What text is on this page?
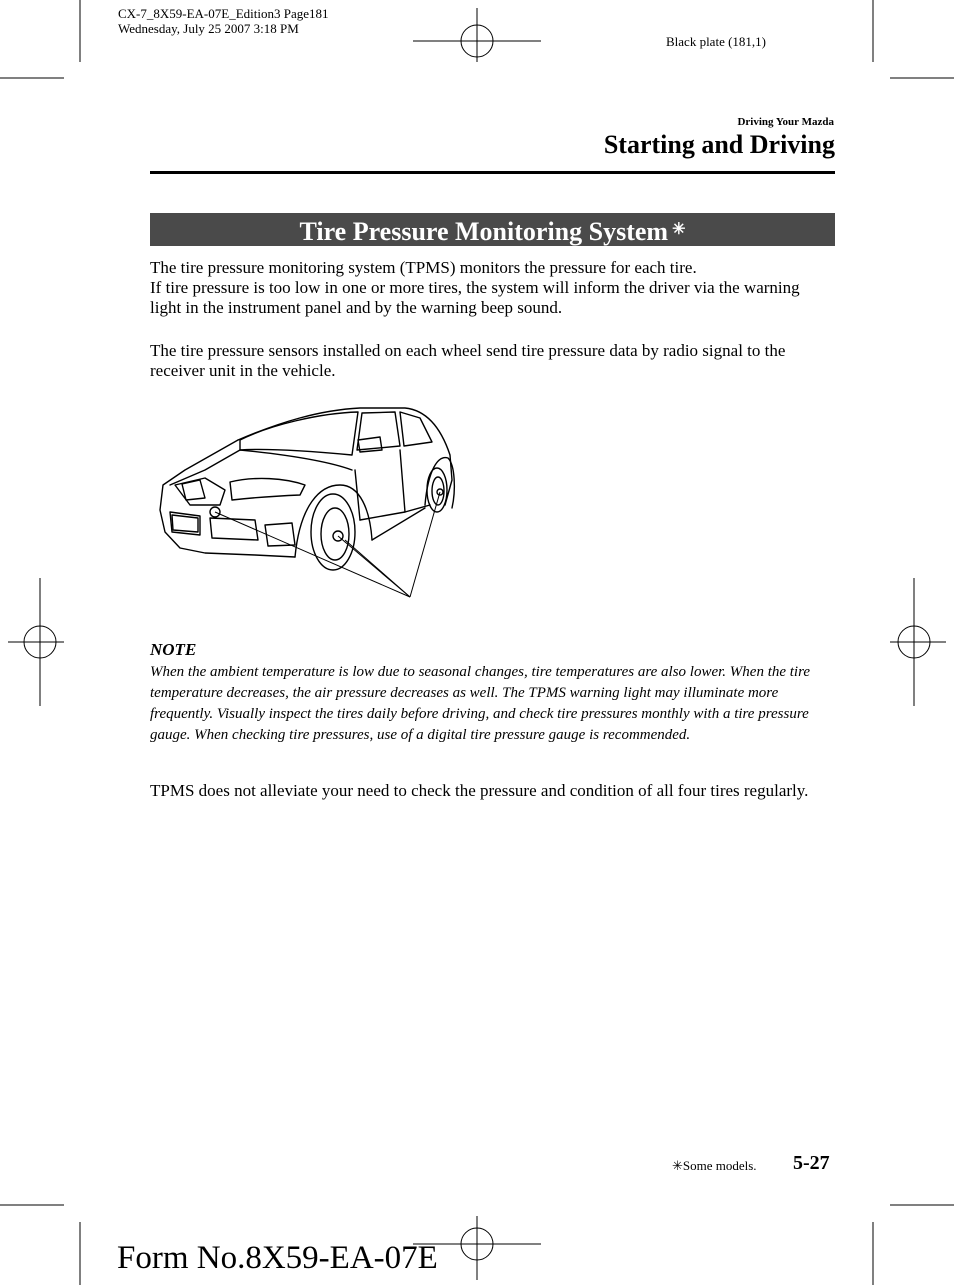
CX-7_8X59-EA-07E_Edition3 Page181
Wednesday, July 25 2007 3:18 PM
Black plate (181,1)
Driving Your Mazda
Starting and Driving
Tire Pressure Monitoring System ✳
The tire pressure monitoring system (TPMS) monitors the pressure for each tire.
If tire pressure is too low in one or more tires, the system will inform the driver via the warning light in the instrument panel and by the warning beep sound.
The tire pressure sensors installed on each wheel send tire pressure data by radio signal to the receiver unit in the vehicle.
NOTE
When the ambient temperature is low due to seasonal changes, tire temperatures are also lower. When the tire temperature decreases, the air pressure decreases as well. The TPMS warning light may illuminate more frequently. Visually inspect the tires daily before driving, and check tire pressures monthly with a tire pressure gauge. When checking tire pressures, use of a digital tire pressure gauge is recommended.
TPMS does not alleviate your need to check the pressure and condition of all four tires regularly.
✳Some models. 5-27
Form No.8X59-EA-07E
